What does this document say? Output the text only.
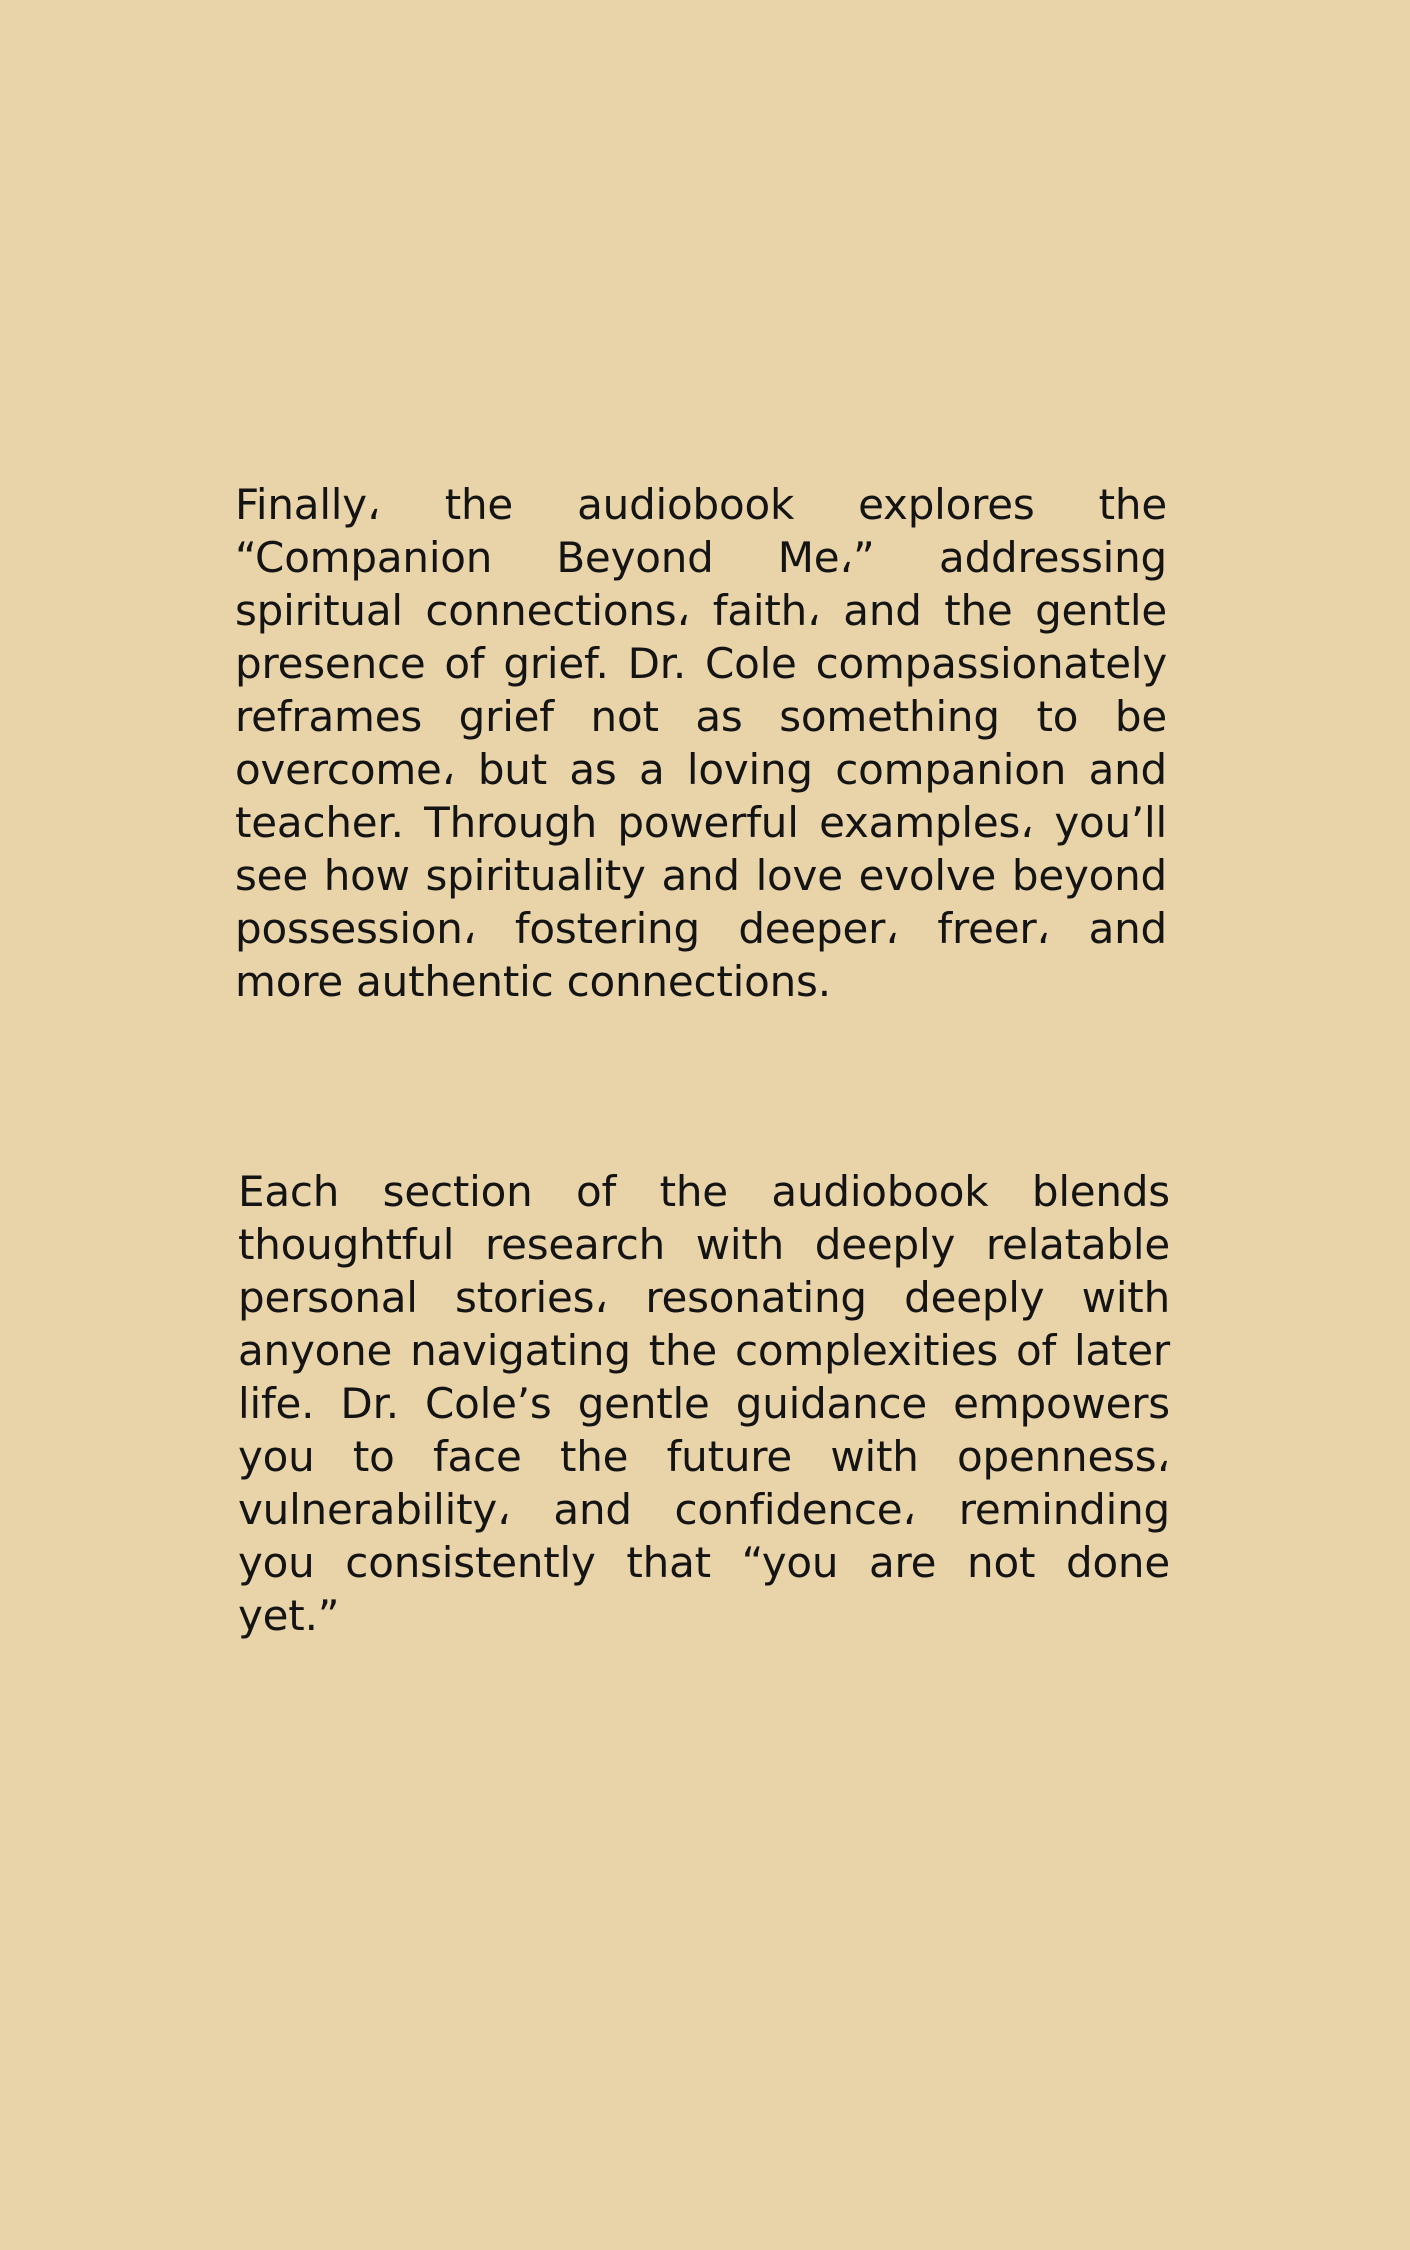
Finally، the audiobook explores the “Companion Beyond Me،” addressing spiritual connections، faith، and the gentle presence of grief. Dr. Cole compassionately reframes grief not as something to be overcome، but as a loving companion and teacher. Through powerful examples، you’ll see how spirituality and love evolve beyond possession، fostering deeper، freer، and more authentic connections.

Each section of the audiobook blends thoughtful research with deeply relatable personal stories، resonating deeply with anyone navigating the complexities of later life. Dr. Cole’s gentle guidance empowers you to face the future with openness، vulnerability، and confidence، reminding you consistently that “you are not done yet.”
